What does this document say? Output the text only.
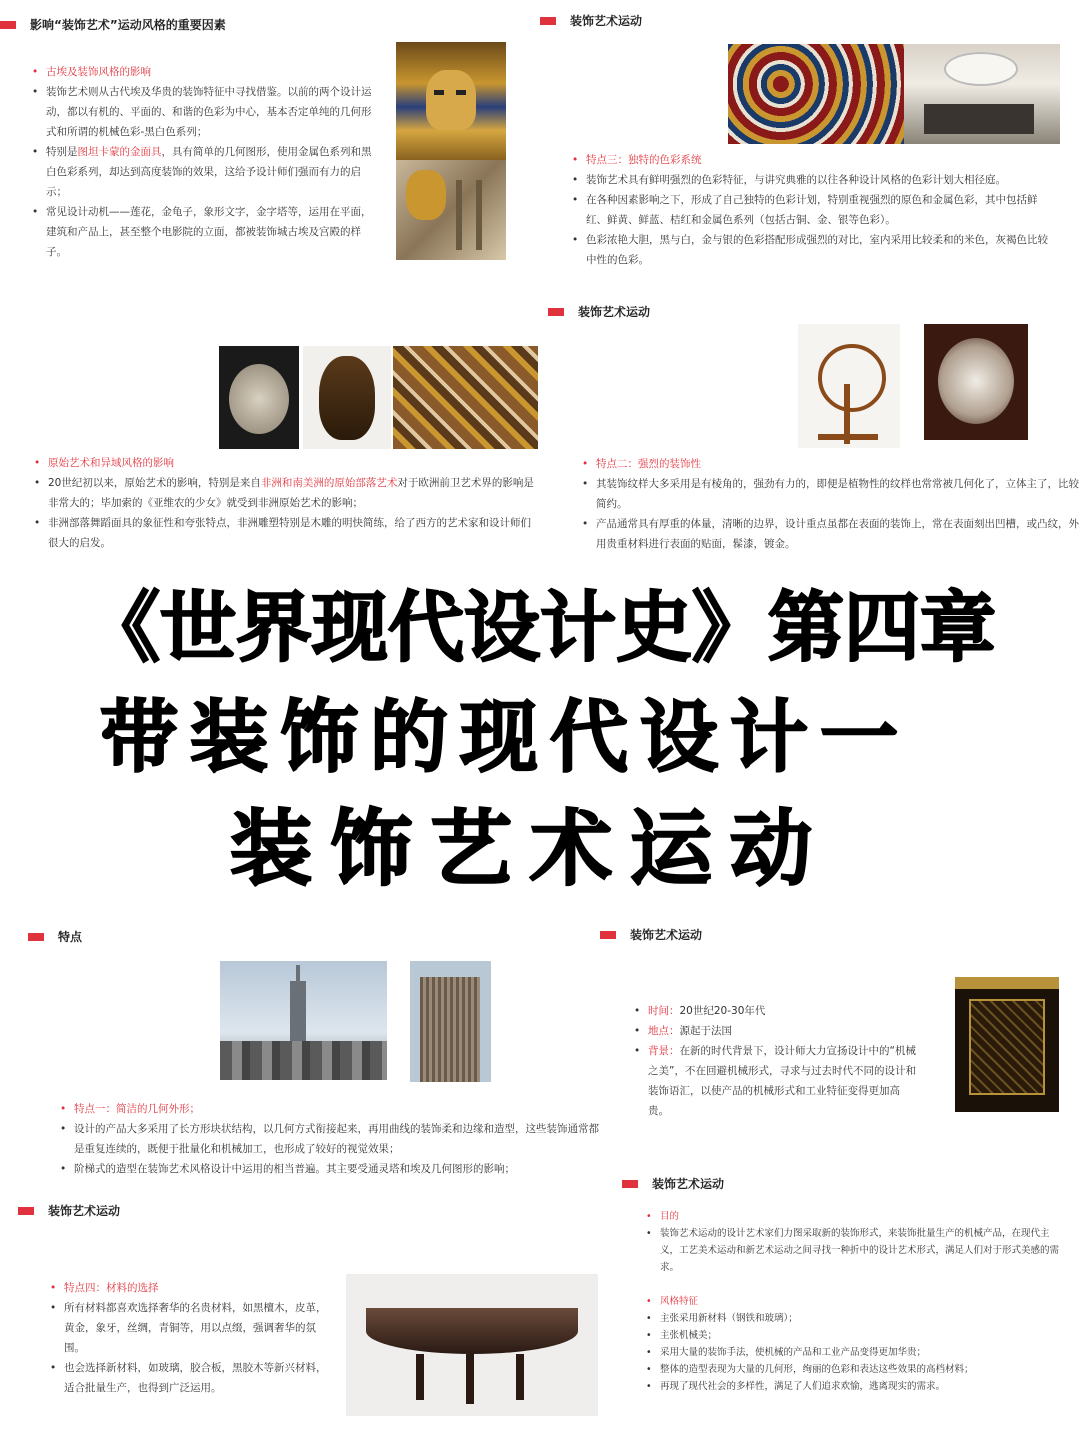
影响“装饰艺术”运动风格的重要因素
• 古埃及装饰风格的影响
• 装饰艺术则从古代埃及华贵的装饰特征中寻找借鉴。以前的两个设计运动，都以有机的、平面的、和谐的色彩为中心，基本否定单纯的几何形式和所谓的机械色彩-黑白色系列；
• 特别是图坦卡蒙的金面具，具有简单的几何图形，使用金属色系列和黑白色彩系列，却达到高度装饰的效果，这给予设计师们强而有力的启示；
• 常见设计动机——莲花，金龟子，象形文字，金字塔等，运用在平面，建筑和产品上，甚至整个电影院的立面，都被装饰城古埃及宫殿的样子。
装饰艺术运动
• 特点三：独特的色彩系统
• 装饰艺术具有鲜明强烈的色彩特征，与讲究典雅的以往各种设计风格的色彩计划大相径庭。
• 在各种因素影响之下，形成了自己独特的色彩计划，特别重视强烈的原色和金属色彩，其中包括鲜红、鲜黄、鲜蓝、桔红和金属色系列（包括古铜、金、银等色彩）。
• 色彩浓艳大胆，黑与白，金与银的色彩搭配形成强烈的对比，室内采用比较柔和的米色，灰褐色比较中性的色彩。
• 原始艺术和异域风格的影响
• 20世纪初以来，原始艺术的影响，特别是来自非洲和南美洲的原始部落艺术对于欧洲前卫艺术界的影响是非常大的；毕加索的《亚维农的少女》就受到非洲原始艺术的影响；
• 非洲部落舞蹈面具的象征性和夸张特点，非洲雕塑特别是木雕的明快简练，给了西方的艺术家和设计师们很大的启发。
装饰艺术运动
• 特点二：强烈的装饰性
• 其装饰纹样大多采用是有棱角的，强劲有力的，即便是植物性的纹样也常常被几何化了，立体主了，比较简约。
• 产品通常具有厚重的体量，清晰的边界，设计重点虽都在表面的装饰上，常在表面刻出凹槽，或凸纹，外用贵重材料进行表面的贴面，髹漆，镀金。
《世界现代设计史》第四章
带装饰的现代设计一
装饰艺术运动
特点
• 特点一：简洁的几何外形；
• 设计的产品大多采用了长方形块状结构，以几何方式衔接起来，再用曲线的装饰柔和边缘和造型，这些装饰通常都是重复连续的，既便于批量化和机械加工，也形成了较好的视觉效果；
• 阶梯式的造型在装饰艺术风格设计中运用的相当普遍。其主要受通灵塔和埃及几何图形的影响；
装饰艺术运动
• 时间：20世纪20-30年代
• 地点：源起于法国
• 背景：在新的时代背景下，设计师大力宣扬设计中的“机械之美”，不在回避机械形式，寻求与过去时代不同的设计和装饰语汇，以使产品的机械形式和工业特征变得更加高贵。
装饰艺术运动
• 特点四：材料的选择
• 所有材料都喜欢选择奢华的名贵材料，如黑檀木，皮革，黄金，象牙，丝绸，青铜等，用以点缀，强调奢华的氛围。
• 也会选择新材料，如玻璃，胶合板，黑胶木等新兴材料，适合批量生产，也得到广泛运用。
装饰艺术运动
• 目的
• 装饰艺术运动的设计艺术家们力图采取新的装饰形式，来装饰批量生产的机械产品，在现代主义，工艺美术运动和新艺术运动之间寻找一种折中的设计艺术形式，满足人们对于形式美感的需求。
• 风格特征
• 主张采用新材料（钢铁和玻璃）；
• 主张机械美；
• 采用大量的装饰手法，使机械的产品和工业产品变得更加华贵；
• 整体的造型表现为大量的几何形，绚丽的色彩和表达这些效果的高档材料；
• 再现了现代社会的多样性，满足了人们追求欢愉，逃离现实的需求。
